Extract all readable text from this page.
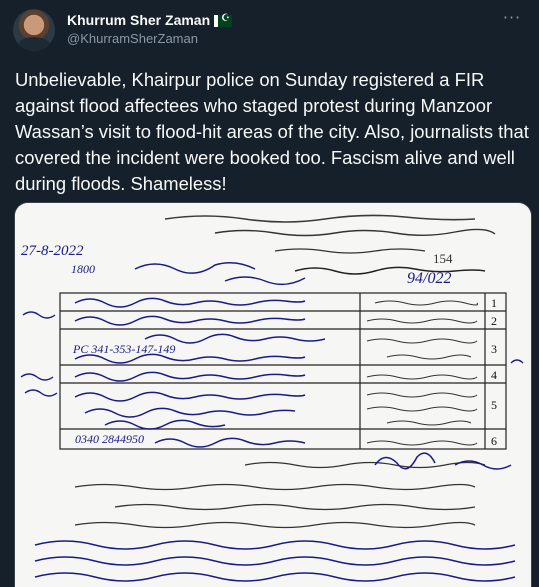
Khurrum Sher Zaman☪
@KhurramSherZaman
···
Unbelievable, Khairpur police on Sunday registered a FIR against flood affectees who staged protest during Manzoor Wassan’s visit to flood-hit areas of the city. Also, journalists that covered the incident were booked too. Fascism alive and well during floods. Shameless!
27-8-2022
1800
154
94/022
1
2
3
4
5
6
PC 341-353-147-149
0340 2844950
